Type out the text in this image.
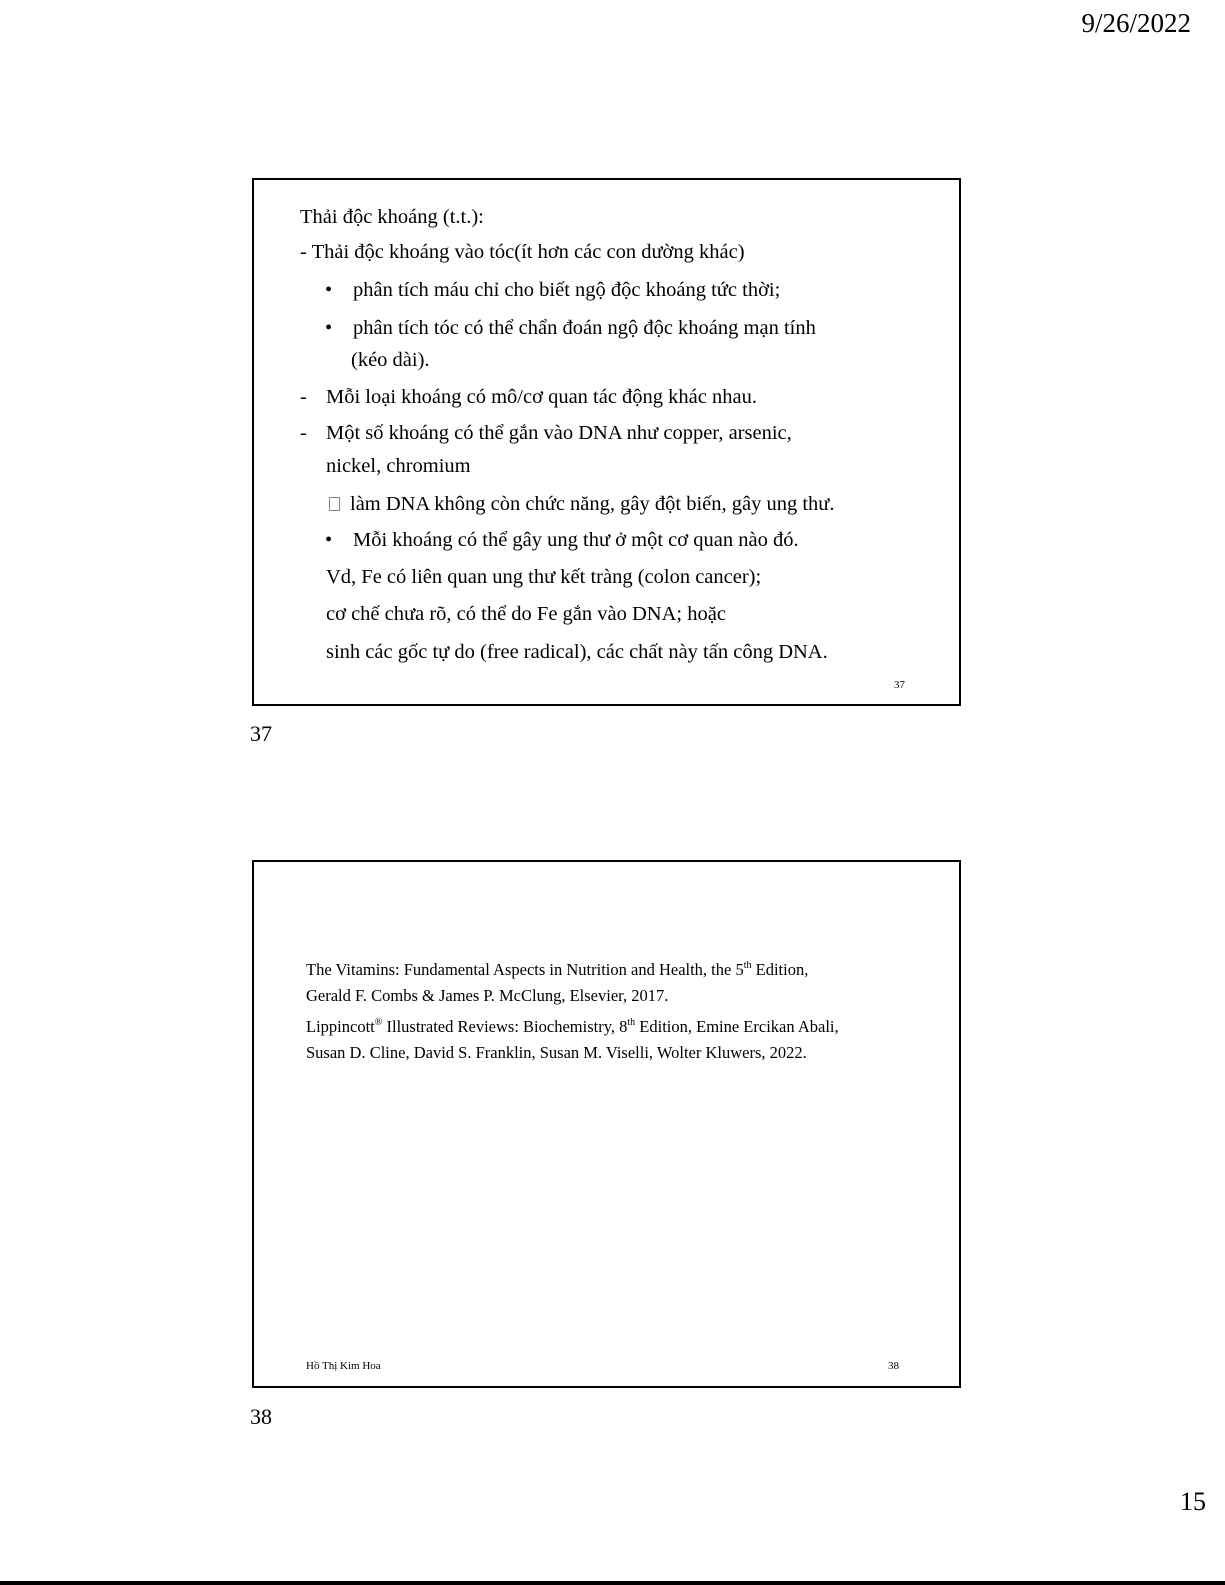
9/26/2022
Thải độc khoáng (t.t.):
- Thải độc khoáng vào tóc(ít hơn các con dường khác)
• phân tích máu chỉ cho biết ngộ độc khoáng tức thời;
• phân tích tóc có thể chẩn đoán ngộ độc khoáng mạn tính
(kéo dài).
- Mỗi loại khoáng có mô/cơ quan tác động khác nhau.
- Một số khoáng có thể gắn vào DNA như copper, arsenic,
nickel, chromium
làm DNA không còn chức năng, gây đột biến, gây ung thư.
• Mỗi khoáng có thể gây ung thư ở một cơ quan nào đó.
Vd, Fe có liên quan ung thư kết tràng (colon cancer);
cơ chế chưa rõ, có thể do Fe gắn vào DNA; hoặc
sinh các gốc tự do (free radical), các chất này tấn công DNA.
37
37
The Vitamins: Fundamental Aspects in Nutrition and Health, the 5th Edition,
Gerald F. Combs & James P. McClung, Elsevier, 2017.
Lippincott® Illustrated Reviews: Biochemistry, 8th Edition, Emine Ercikan Abali,
Susan D. Cline, David S. Franklin, Susan M. Viselli, Wolter Kluwers, 2022.
Hồ Thị Kim Hoa	38
38
15
